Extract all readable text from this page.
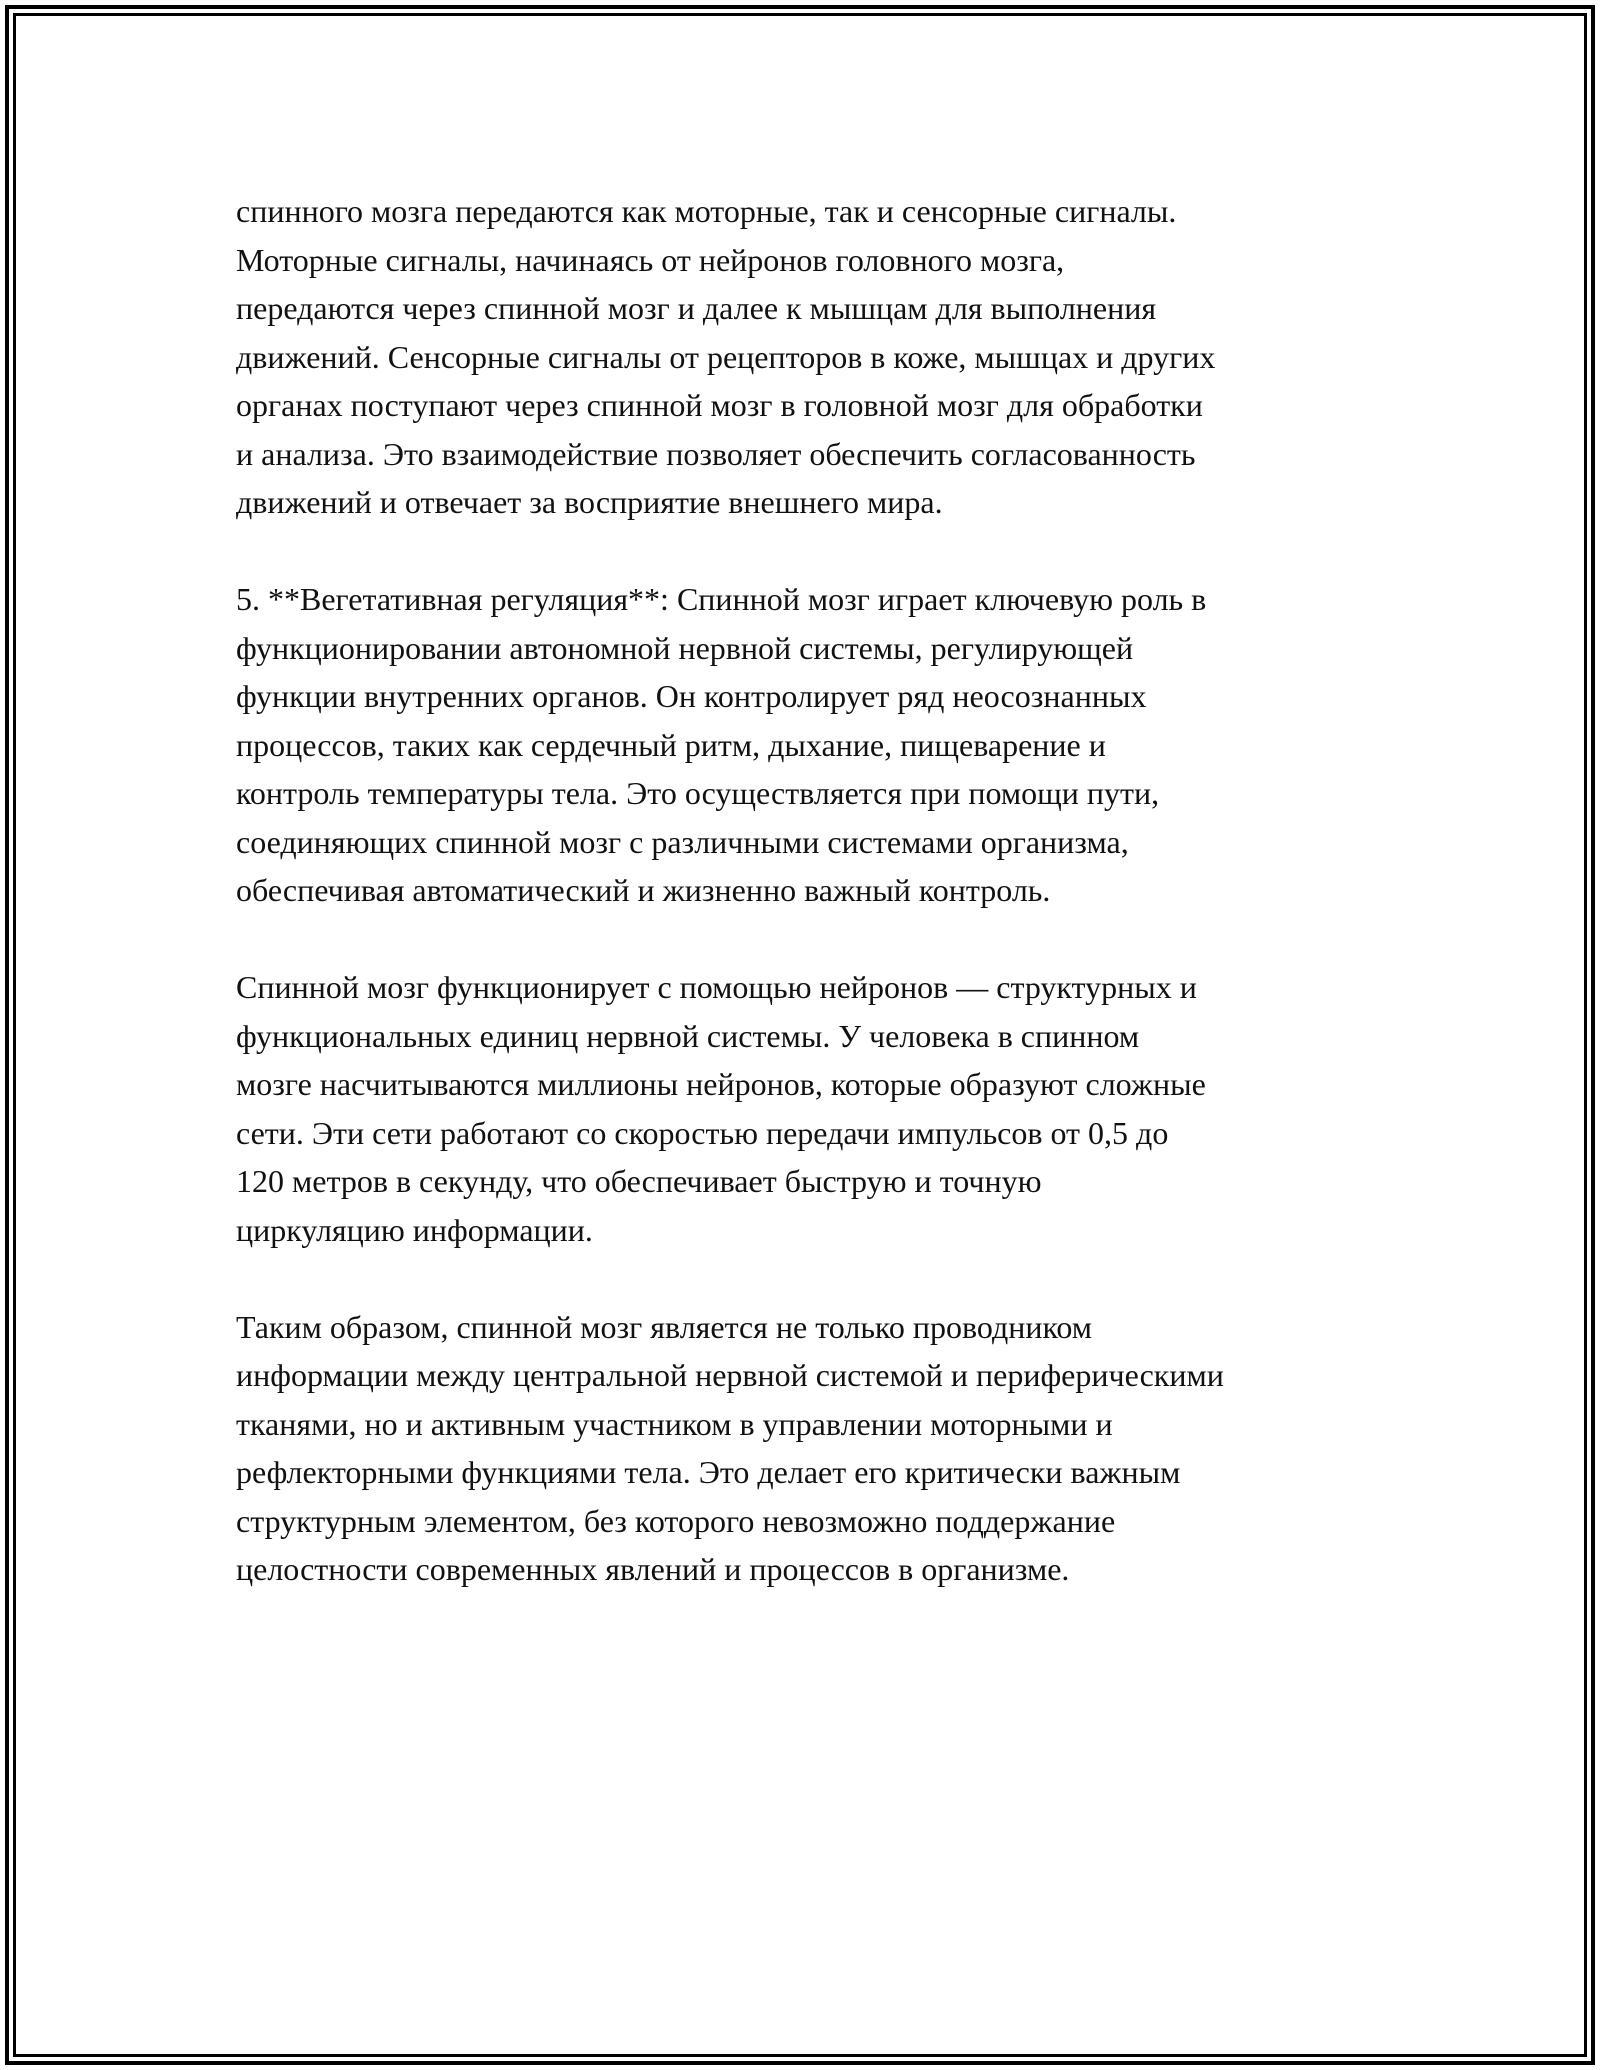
спинного мозга передаются как моторные, так и сенсорные сигналы.
Моторные сигналы, начинаясь от нейронов головного мозга,
передаются через спинной мозг и далее к мышцам для выполнения
движений. Сенсорные сигналы от рецепторов в коже, мышцах и других
органах поступают через спинной мозг в головной мозг для обработки
и анализа. Это взаимодействие позволяет обеспечить согласованность
движений и отвечает за восприятие внешнего мира.

5. **Вегетативная регуляция**: Спинной мозг играет ключевую роль в
функционировании автономной нервной системы, регулирующей
функции внутренних органов. Он контролирует ряд неосознанных
процессов, таких как сердечный ритм, дыхание, пищеварение и
контроль температуры тела. Это осуществляется при помощи пути,
соединяющих спинной мозг с различными системами организма,
обеспечивая автоматический и жизненно важный контроль.

Спинной мозг функционирует с помощью нейронов — структурных и
функциональных единиц нервной системы. У человека в спинном
мозге насчитываются миллионы нейронов, которые образуют сложные
сети. Эти сети работают со скоростью передачи импульсов от 0,5 до
120 метров в секунду, что обеспечивает быструю и точную
циркуляцию информации.

Таким образом, спинной мозг является не только проводником
информации между центральной нервной системой и периферическими
тканями, но и активным участником в управлении моторными и
рефлекторными функциями тела. Это делает его критически важным
структурным элементом, без которого невозможно поддержание
целостности современных явлений и процессов в организме.
